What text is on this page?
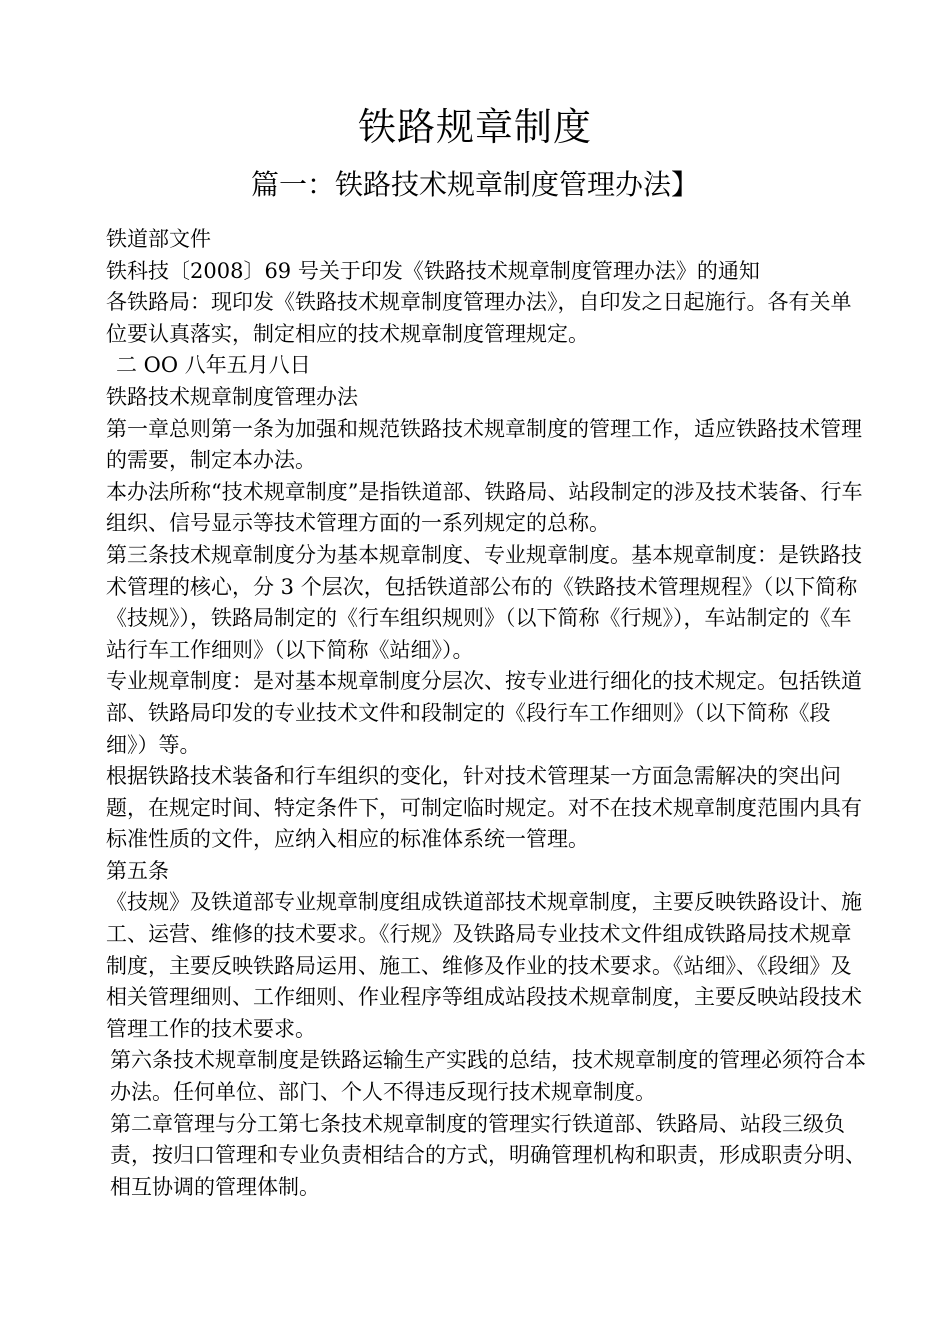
铁路规章制度
篇一：铁路技术规章制度管理办法】

铁道部文件

铁科技〔2008〕69 号关于印发《铁路技术规章制度管理办法》的通知

各铁路局：现印发《铁路技术规章制度管理办法》，自印发之日起施行。各有关单位要认真落实，制定相应的技术规章制度管理规定。

二 OO 八年五月八日

铁路技术规章制度管理办法

第一章总则第一条为加强和规范铁路技术规章制度的管理工作，适应铁路技术管理的需要，制定本办法。

本办法所称“技术规章制度”是指铁道部、铁路局、站段制定的涉及技术装备、行车组织、信号显示等技术管理方面的一系列规定的总称。

第三条技术规章制度分为基本规章制度、专业规章制度。基本规章制度：是铁路技术管理的核心，分 3 个层次，包括铁道部公布的《铁路技术管理规程》（以下简称《技规》），铁路局制定的《行车组织规则》（以下简称《行规》），车站制定的《车站行车工作细则》（以下简称《站细》）。

专业规章制度：是对基本规章制度分层次、按专业进行细化的技术规定。包括铁道部、铁路局印发的专业技术文件和段制定的《段行车工作细则》（以下简称《段细》）等。

根据铁路技术装备和行车组织的变化，针对技术管理某一方面急需解决的突出问题，在规定时间、特定条件下，可制定临时规定。对不在技术规章制度范围内具有标准性质的文件，应纳入相应的标准体系统一管理。

第五条

《技规》及铁道部专业规章制度组成铁道部技术规章制度，主要反映铁路设计、施工、运营、维修的技术要求。《行规》及铁路局专业技术文件组成铁路局技术规章制度，主要反映铁路局运用、施工、维修及作业的技术要求。《站细》、《段细》及相关管理细则、工作细则、作业程序等组成站段技术规章制度，主要反映站段技术管理工作的技术要求。

第六条技术规章制度是铁路运输生产实践的总结，技术规章制度的管理必须符合本办法。任何单位、部门、个人不得违反现行技术规章制度。

第二章管理与分工第七条技术规章制度的管理实行铁道部、铁路局、站段三级负责，按归口管理和专业负责相结合的方式，明确管理机构和职责，形成职责分明、相互协调的管理体制。
